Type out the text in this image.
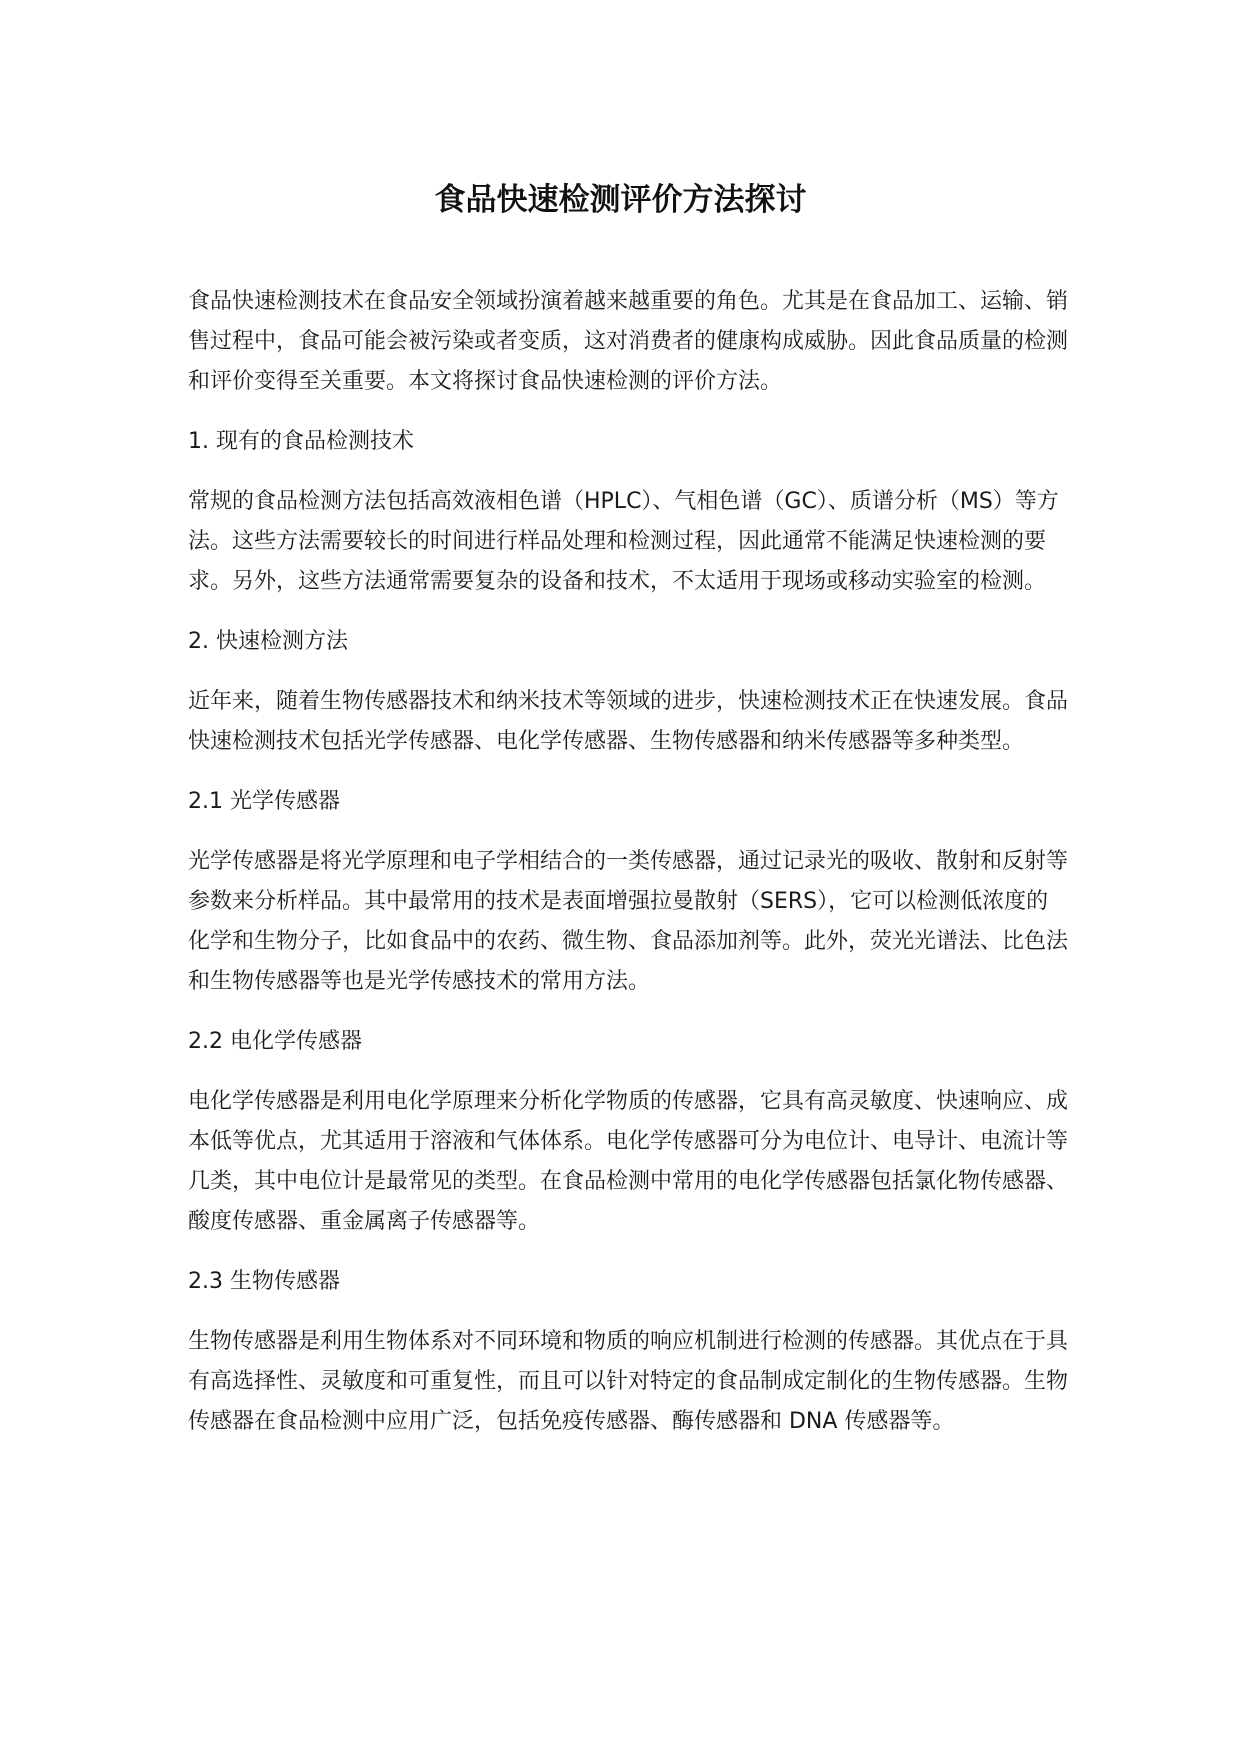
食品快速检测评价方法探讨

食品快速检测技术在食品安全领域扮演着越来越重要的角色。尤其是在食品加工、运输、销售过程中，食品可能会被污染或者变质，这对消费者的健康构成威胁。因此食品质量的检测和评价变得至关重要。本文将探讨食品快速检测的评价方法。

1. 现有的食品检测技术

常规的食品检测方法包括高效液相色谱（HPLC）、气相色谱（GC）、质谱分析（MS）等方法。这些方法需要较长的时间进行样品处理和检测过程，因此通常不能满足快速检测的要求。另外，这些方法通常需要复杂的设备和技术，不太适用于现场或移动实验室的检测。

2. 快速检测方法

近年来，随着生物传感器技术和纳米技术等领域的进步，快速检测技术正在快速发展。食品快速检测技术包括光学传感器、电化学传感器、生物传感器和纳米传感器等多种类型。

2.1 光学传感器

光学传感器是将光学原理和电子学相结合的一类传感器，通过记录光的吸收、散射和反射等参数来分析样品。其中最常用的技术是表面增强拉曼散射（SERS），它可以检测低浓度的化学和生物分子，比如食品中的农药、微生物、食品添加剂等。此外，荧光光谱法、比色法和生物传感器等也是光学传感技术的常用方法。

2.2 电化学传感器

电化学传感器是利用电化学原理来分析化学物质的传感器，它具有高灵敏度、快速响应、成本低等优点，尤其适用于溶液和气体体系。电化学传感器可分为电位计、电导计、电流计等几类，其中电位计是最常见的类型。在食品检测中常用的电化学传感器包括氯化物传感器、酸度传感器、重金属离子传感器等。

2.3 生物传感器

生物传感器是利用生物体系对不同环境和物质的响应机制进行检测的传感器。其优点在于具有高选择性、灵敏度和可重复性，而且可以针对特定的食品制成定制化的生物传感器。生物传感器在食品检测中应用广泛，包括免疫传感器、酶传感器和 DNA 传感器等。
